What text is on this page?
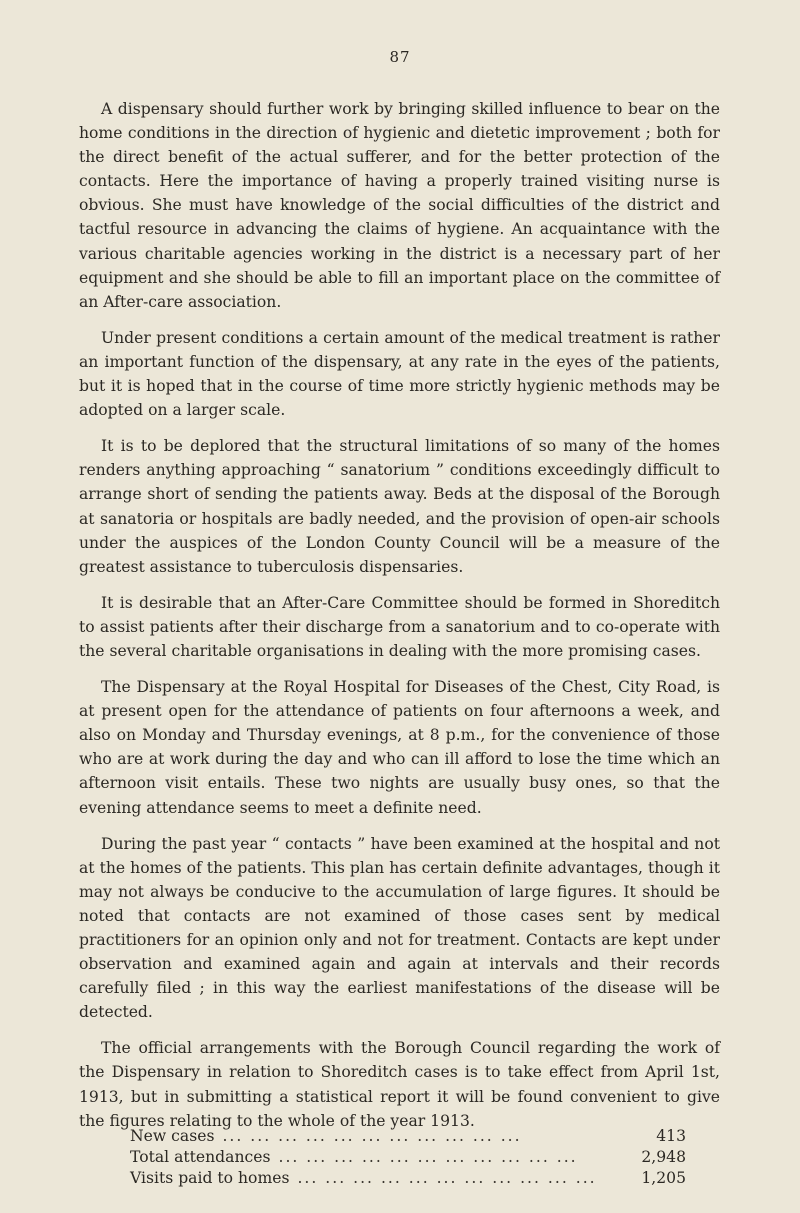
87

A dispensary should further work by bringing skilled influence to bear on the home conditions in the direction of hygienic and dietetic improvement ; both for the direct benefit of the actual sufferer, and for the better protection of the contacts. Here the importance of having a properly trained visiting nurse is obvious. She must have knowledge of the social difficulties of the district and tactful resource in advancing the claims of hygiene. An acquaintance with the various charitable agencies working in the district is a necessary part of her equipment and she should be able to fill an important place on the committee of an After-care association.

Under present conditions a certain amount of the medical treatment is rather an important function of the dispensary, at any rate in the eyes of the patients, but it is hoped that in the course of time more strictly hygienic methods may be adopted on a larger scale.

It is to be deplored that the structural limitations of so many of the homes renders anything approaching “ sanatorium ” conditions exceedingly difficult to arrange short of sending the patients away. Beds at the disposal of the Borough at sanatoria or hospitals are badly needed, and the provision of open-air schools under the auspices of the London County Council will be a measure of the greatest assistance to tuberculosis dispensaries.

It is desirable that an After-Care Committee should be formed in Shoreditch to assist patients after their discharge from a sanatorium and to co-operate with the several charitable organisations in dealing with the more promising cases.

The Dispensary at the Royal Hospital for Diseases of the Chest, City Road, is at present open for the attendance of patients on four afternoons a week, and also on Monday and Thursday evenings, at 8 p.m., for the convenience of those who are at work during the day and who can ill afford to lose the time which an afternoon visit entails. These two nights are usually busy ones, so that the evening attendance seems to meet a definite need.

During the past year “ contacts ” have been examined at the hospital and not at the homes of the patients. This plan has certain definite advantages, though it may not always be conducive to the accumulation of large figures. It should be noted that contacts are not examined of those cases sent by medical practitioners for an opinion only and not for treatment. Contacts are kept under observation and examined again and again at intervals and their records carefully filed ; in this way the earliest manifestations of the disease will be detected.

The official arrangements with the Borough Council regarding the work of the Dispensary in relation to Shoreditch cases is to take effect from April 1st, 1913, but in submitting a statistical report it will be found convenient to give the figures relating to the whole of the year 1913.

New cases ... ... ... ... ... ... ... ... ... ... ...	413
Total attendances ... ... ... ... ... ... ... ... ... ... ...	2,948
Visits paid to homes ... ... ... ... ... ... ... ... ... ... ...	1,205
